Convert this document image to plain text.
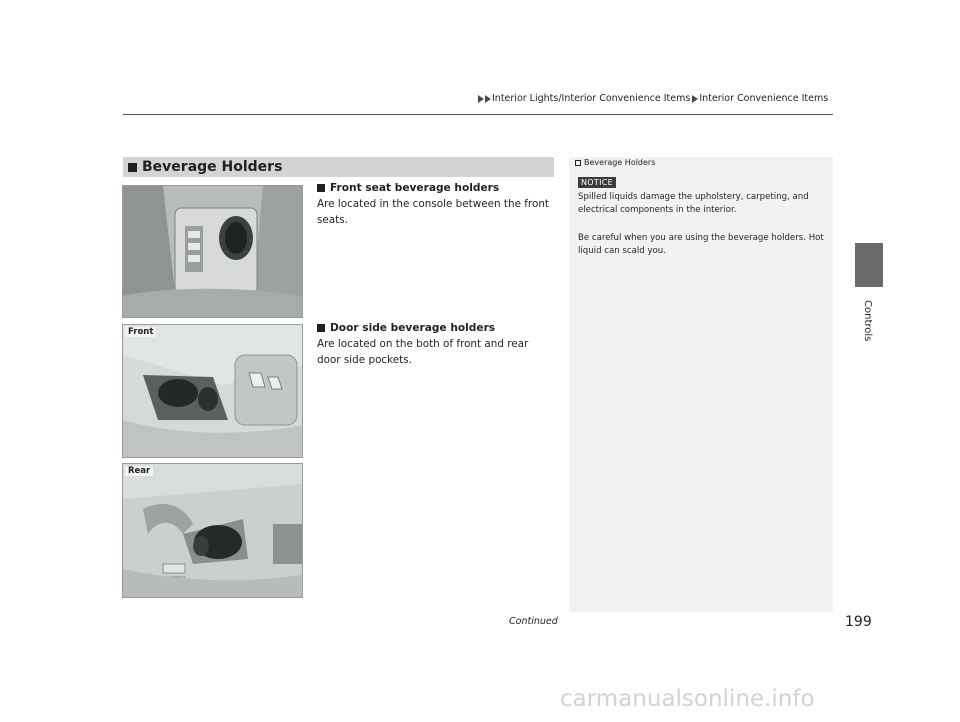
Interior Lights/Interior Convenience Items Interior Convenience Items
Controls
Beverage Holders	Beverage Holders
NOTICE
Spilled liquids damage the upholstery, carpeting, and electrical components in the interior.
Be careful when you are using the beverage holders. Hot liquid can scald you.
Front seat beverage holders
Are located in the console between the front seats.
Door side beverage holders
Are located on the both of front and rear door side pockets.
Front
Rear
Continued	199
carmanualsonline.info
